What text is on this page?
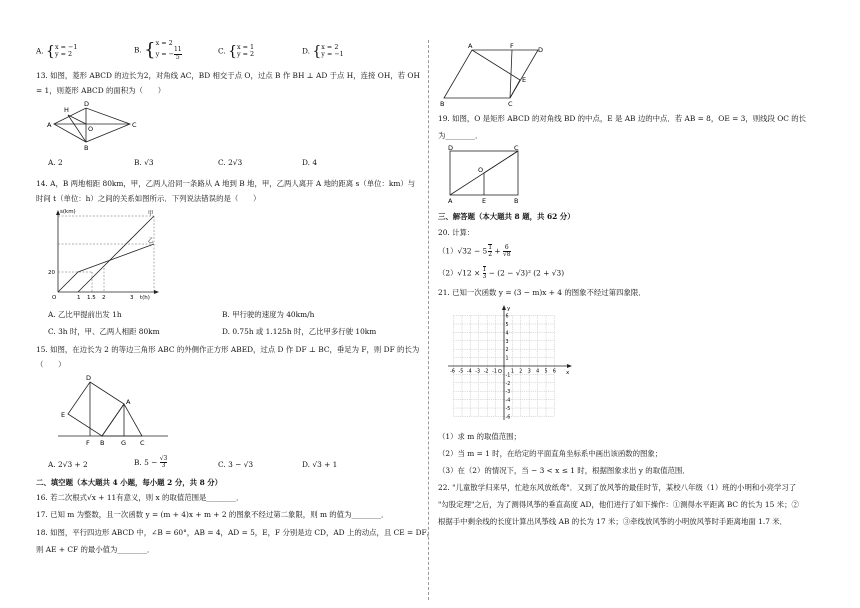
A. {x = −1
y = 2	B. {x = 2
y = − $\frac{11}{5}$	C. {x = 1
y = 2	D. {x = 2
y = −1
13. 如图，菱形 ABCD 的边长为2，对角线 AC，BD 相交于点 O，过点 B 作 BH ⊥ AD 于点 H，连接 OH，若 OH = 1，则菱形 ABCD 的面积为（　　）
H
D
A	O	C
B
A. 2	B. √3	C. 2√3	D. 4
14. A，B 两地相距 80km，甲，乙两人沿同一条路从 A 地到 B 地，甲，乙两人离开 A 地的距离 s（单位：km）与时间 t（单位：h）之间的关系如图所示．下列说法错误的是（　　）
s(km)
t(h)
甲
乙
20
O	1 1.5 2	3
A. 乙比甲提前出发 1h	B. 甲行驶的速度为 40km/h
C. 3h 时，甲、乙两人相距 80km	D. 0.75h 或 1.125h 时，乙比甲多行驶 10km
15. 如图，在边长为 2 的等边三角形 ABC 的外侧作正方形 ABED，过点 D 作 DF ⊥ BC，垂足为 F，则 DF 的长为（　　）
D
E
A
F B	G C
A. 2√3 + 2	B. $5 - \frac{√3}{3}$	C. 3 − √3	D. √3 + 1
二、填空题（本大题共 4 小题，每小题 2 分，共 8 分）
16. 若二次根式√x + 11有意义，则 x 的取值范围是________．
17. 已知 m 为整数，且一次函数 y = (m + 4)x + m + 2 的图象不经过第二象限，则 m 的值为________．
18. 如图，平行四边形 ABCD 中，∠B = 60°，AB = 4，AD = 5，E，F 分别是边 CD，AD 上的动点，且 CE = DF，
则 AE + CF 的最小值为________．
A	F	D
E
B	C
19. 如图，O 是矩形 ABCD 的对角线 BD 的中点，E 是 AB 边的中点．若 AB = 8，OE = 3，则线段 OC 的长
为________．
D	C
O
A	E	B
三、解答题（本大题共 8 题，共 62 分）
20. 计算：
$(1)√32 - 5 \frac{1}{2} + \frac{6}{√8}$
$(2)√12 \times \frac{1}{3} - (2 - √3)^2$ (2 + √3)
21. 已知一次函数 y = (3 − m)x + 4 的图象不经过第四象限．
x
y
O
-6 -5 -4 -3 -2 -1	1 2 3 4 5 6
6
5
4
3
2
1
-1
-2
-3
-4
-5
-6
（1）求 m 的取值范围；
（2）当 m = 1 时，在给定的平面直角坐标系中画出该函数的图象；
（3）在（2）的情况下，当 − 3 < x ≤ 1 时，根据图象求出 y 的取值范围．
22. "儿童散学归来早，忙趁东风放纸鸢"．又到了放风筝的最佳时节，某校八年级（1）班的小明和小亮学习了
"勾股定理"之后，为了测得风筝的垂直高度 AD，他们进行了如下操作：①测得水平距离 BC 的长为 15 米；②
根据手中剩余线的长度计算出风筝线 AB 的长为 17 米；③牵线放风筝的小明放风筝时手距离地面 1.7 米．
